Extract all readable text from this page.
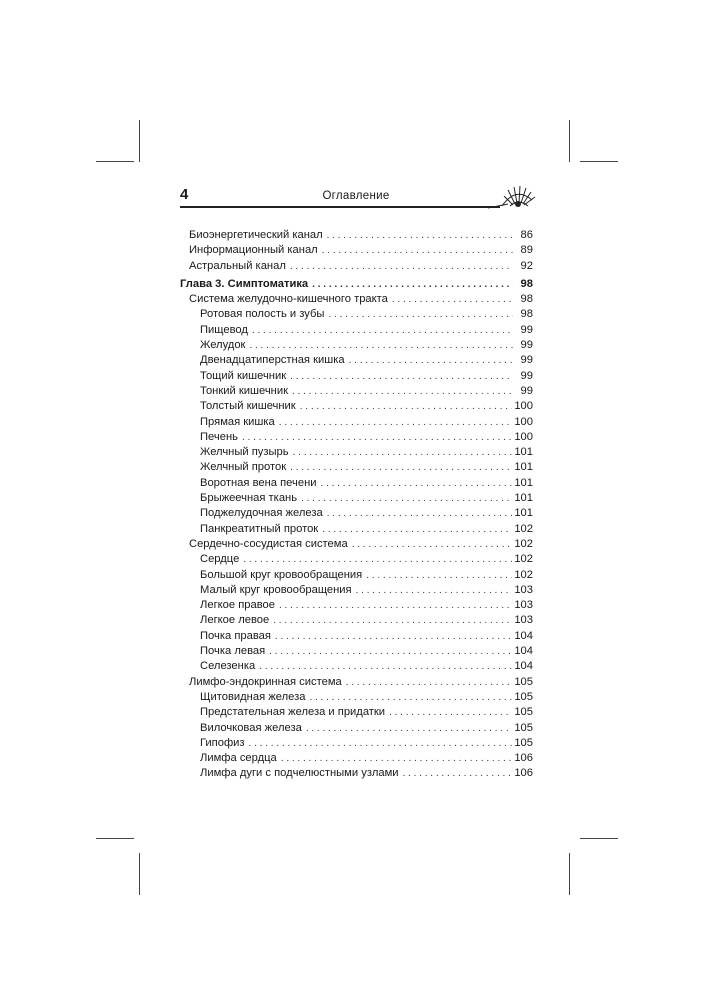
4	Оглавление
Биоэнергетический канал . . .	86
Информационный канал . . .	89
Астральный канал . . .	92
Глава 3. Симптоматика . . .	98
Система желудочно-кишечного тракта . . .	98
Ротовая полость и зубы . . .	98
Пищевод . . .	99
Желудок . . .	99
Двенадцатиперстная кишка . . .	99
Тощий кишечник . . .	99
Тонкий кишечник . . .	99
Толстый кишечник . . .	100
Прямая кишка . . .	100
Печень . . .	100
Желчный пузырь . . .	101
Желчный проток . . .	101
Воротная вена печени . . .	101
Брыжеечная ткань . . .	101
Поджелудочная железа . . .	101
Панкреатитный проток . . .	102
Сердечно-сосудистая система . . .	102
Сердце . . .	102
Большой круг кровообращения . . .	102
Малый круг кровообращения . . .	103
Легкое правое . . .	103
Легкое левое . . .	103
Почка правая . . .	104
Почка левая . . .	104
Селезенка . . .	104
Лимфо-эндокринная система . . .	105
Щитовидная железа . . .	105
Предстательная железа и придатки . . .	105
Вилочковая железа . . .	105
Гипофиз . . .	105
Лимфа сердца . . .	106
Лимфа дуги с подчелюстными узлами . . .	106
